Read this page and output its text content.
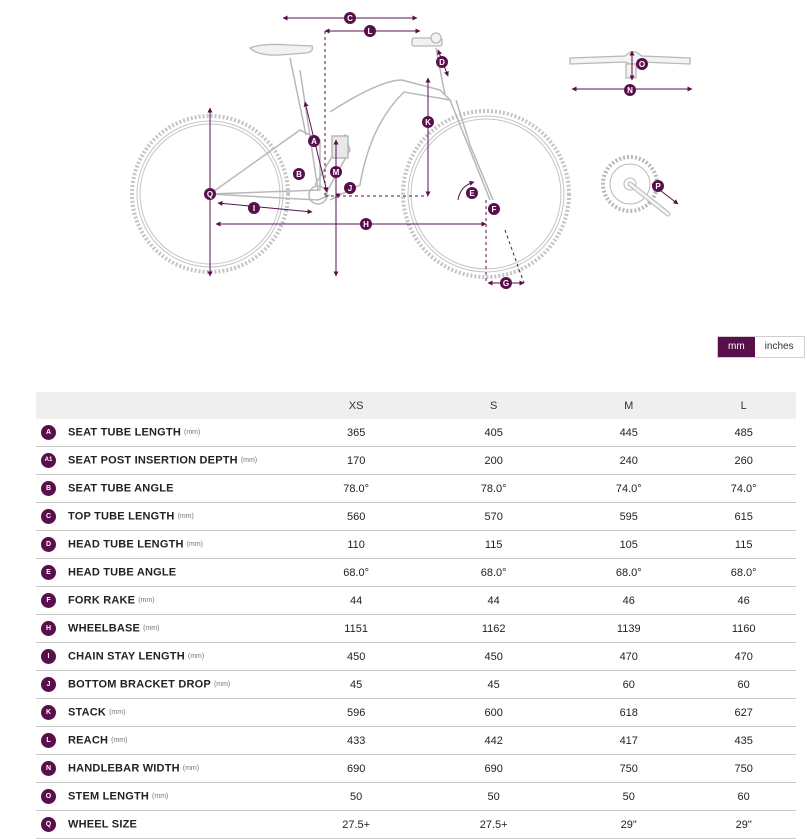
C
L
D
A
K
B	M
J
E
F
Q
I
H
G
O
N
P
mm	inches
	XS	S	M	L
A SEAT TUBE LENGTH (mm)	365	405	445	485
A1 SEAT POST INSERTION DEPTH (mm)	170	200	240	260
B SEAT TUBE ANGLE	78.0°	78.0°	74.0°	74.0°
C TOP TUBE LENGTH (mm)	560	570	595	615
D HEAD TUBE LENGTH (mm)	110	115	105	115
E HEAD TUBE ANGLE	68.0°	68.0°	68.0°	68.0°
F FORK RAKE (mm)	44	44	46	46
H WHEELBASE (mm)	1151	1162	1139	1160
I CHAIN STAY LENGTH (mm)	450	450	470	470
J BOTTOM BRACKET DROP (mm)	45	45	60	60
K STACK (mm)	596	600	618	627
L REACH (mm)	433	442	417	435
N HANDLEBAR WIDTH (mm)	690	690	750	750
O STEM LENGTH (mm)	50	50	50	60
Q WHEEL SIZE	27.5+	27.5+	29"	29"
